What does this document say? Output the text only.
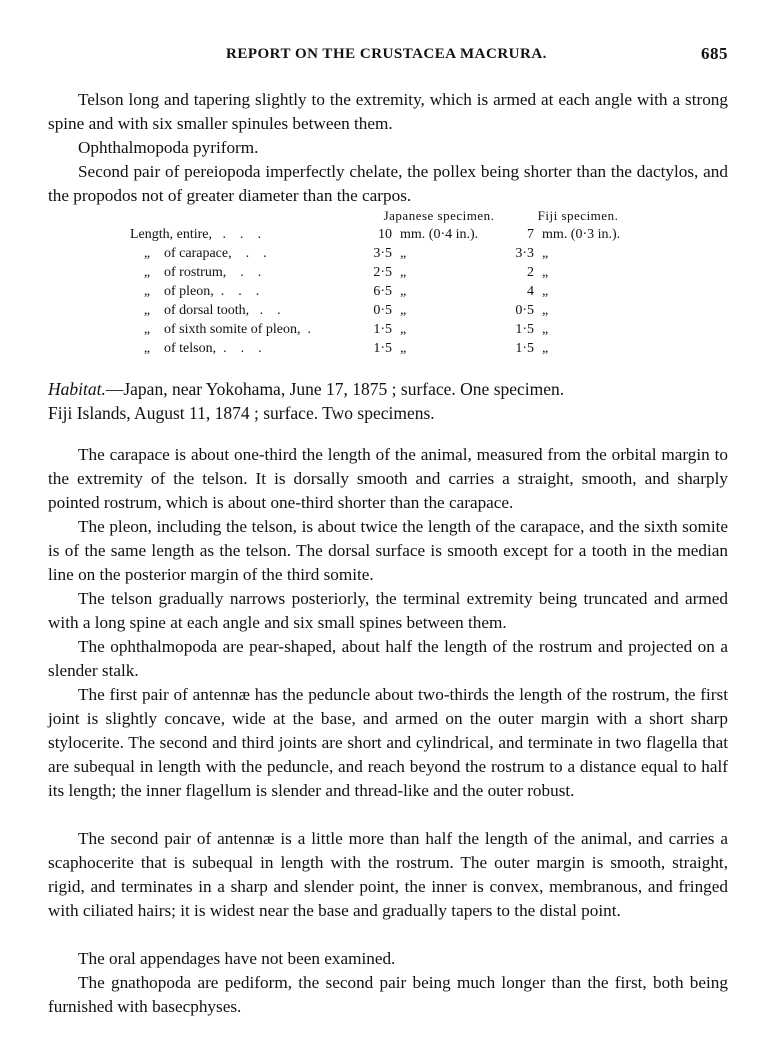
REPORT ON THE CRUSTACEA MACRURA.	685

Telson long and tapering slightly to the extremity, which is armed at each angle with a strong spine and with six smaller spinules between them.

Ophthalmopoda pyriform.

Second pair of pereiopoda imperfectly chelate, the pollex being shorter than the dactylos, and the propodos not of greater diameter than the carpos.

	Japanese specimen.		Fiji specimen.	
Length, entire,   .    .    .	10	mm. (0·4 in.).	7	mm. (0·3 in.).
„ of carapace,    .    .	3·5	„	3·3	„
„ of rostrum,    .    .	2·5	„	2	„
„ of pleon,  .    .    .	6·5	„	4	„
„ of dorsal tooth,   .    .	0·5	„	0·5	„
„ of sixth somite of pleon,  .	1·5	„	1·5	„
„ of telson,  .    .    .	1·5	„	1·5	„

Habitat.—Japan, near Yokohama, June 17, 1875 ; surface. One specimen.

Fiji Islands, August 11, 1874 ; surface. Two specimens.

The carapace is about one-third the length of the animal, measured from the orbital margin to the extremity of the telson. It is dorsally smooth and carries a straight, smooth, and sharply pointed rostrum, which is about one-third shorter than the carapace.

The pleon, including the telson, is about twice the length of the carapace, and the sixth somite is of the same length as the telson. The dorsal surface is smooth except for a tooth in the median line on the posterior margin of the third somite.

The telson gradually narrows posteriorly, the terminal extremity being truncated and armed with a long spine at each angle and six small spines between them.

The ophthalmopoda are pear-shaped, about half the length of the rostrum and projected on a slender stalk.

The first pair of antennæ has the peduncle about two-thirds the length of the rostrum, the first joint is slightly concave, wide at the base, and armed on the outer margin with a short sharp stylocerite. The second and third joints are short and cylindrical, and terminate in two flagella that are subequal in length with the peduncle, and reach beyond the rostrum to a distance equal to half its length; the inner flagellum is slender and thread-like and the outer robust.

The second pair of antennæ is a little more than half the length of the animal, and carries a scaphocerite that is subequal in length with the rostrum. The outer margin is smooth, straight, rigid, and terminates in a sharp and slender point, the inner is convex, membranous, and fringed with ciliated hairs; it is widest near the base and gradually tapers to the distal point.

The oral appendages have not been examined.

The gnathopoda are pediform, the second pair being much longer than the first, both being furnished with basecphyses.
